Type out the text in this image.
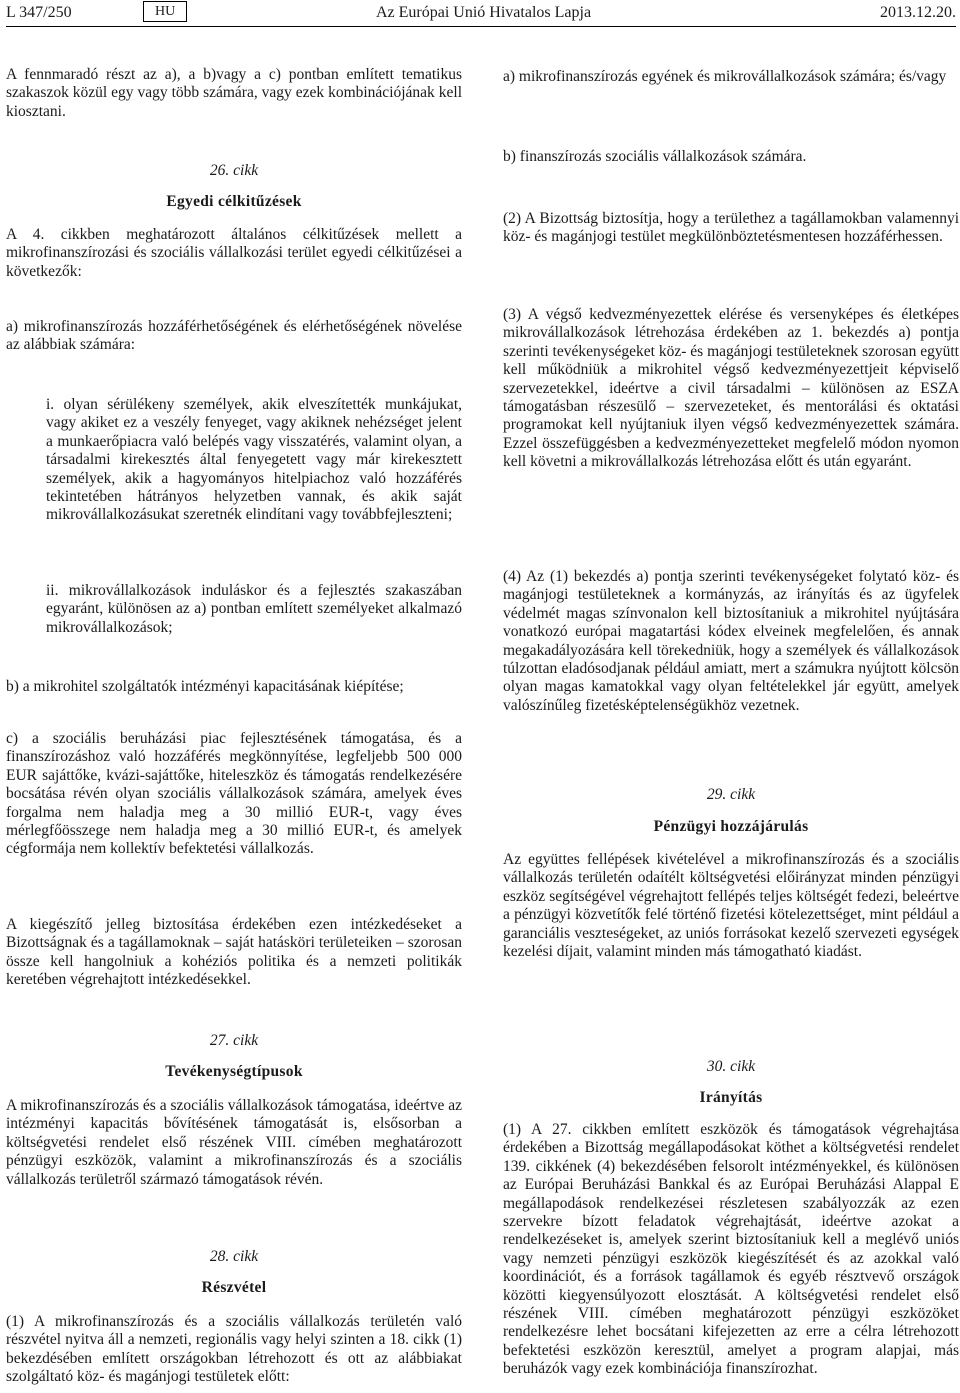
L 347/250	HU	Az Európai Unió Hivatalos Lapja	2013.12.20.

A fennmaradó részt az a), a b)vagy a c) pontban említett tematikus szakaszok közül egy vagy több számára, vagy ezek kombinációjának kell kiosztani.

26. cikk
Egyedi célkitűzések

A 4. cikkben meghatározott általános célkitűzések mellett a mikrofinanszírozási és szociális vállalkozási terület egyedi célkitűzései a következők:

a) mikrofinanszírozás hozzáférhetőségének és elérhetőségének növelése az alábbiak számára:

i. olyan sérülékeny személyek, akik elveszítették munkájukat, vagy akiket ez a veszély fenyeget, vagy akiknek nehézséget jelent a munkaerőpiacra való belépés vagy visszatérés, valamint olyan, a társadalmi kirekesztés által fenyegetett vagy már kirekesztett személyek, akik a hagyományos hitelpiachoz való hozzáférés tekintetében hátrányos helyzetben vannak, és akik saját mikrovállalkozásukat szeretnék elindítani vagy továbbfejleszteni;

ii. mikrovállalkozások induláskor és a fejlesztés szakaszában egyaránt, különösen az a) pontban említett személyeket alkalmazó mikrovállalkozások;

b) a mikrohitel szolgáltatók intézményi kapacitásának kiépítése;

c) a szociális beruházási piac fejlesztésének támogatása, és a finanszírozáshoz való hozzáférés megkönnyítése, legfeljebb 500 000 EUR sajáttőke, kvázi-sajáttőke, hiteleszköz és támogatás rendelkezésére bocsátása révén olyan szociális vállalkozások számára, amelyek éves forgalma nem haladja meg a 30 millió EUR-t, vagy éves mérlegfőösszege nem haladja meg a 30 millió EUR-t, és amelyek cégformája nem kollektív befektetési vállalkozás.

A kiegészítő jelleg biztosítása érdekében ezen intézkedéseket a Bizottságnak és a tagállamoknak – saját hatásköri területeiken – szorosan össze kell hangolniuk a kohéziós politika és a nemzeti politikák keretében végrehajtott intézkedésekkel.

27. cikk
Tevékenységtípusok

A mikrofinanszírozás és a szociális vállalkozások támogatása, ideértve az intézményi kapacitás bővítésének támogatását is, elsősorban a költségvetési rendelet első részének VIII. címében meghatározott pénzügyi eszközök, valamint a mikrofinanszírozás és a szociális vállalkozás területről származó támogatások révén.

28. cikk
Részvétel

(1) A mikrofinanszírozás és a szociális vállalkozás területén való részvétel nyitva áll a nemzeti, regionális vagy helyi szinten a 18. cikk (1) bekezdésében említett országokban létrehozott és ott az alábbiakat szolgáltató köz- és magánjogi testületek előtt:

a) mikrofinanszírozás egyének és mikrovállalkozások számára; és/vagy

b) finanszírozás szociális vállalkozások számára.

(2) A Bizottság biztosítja, hogy a területhez a tagállamokban valamennyi köz- és magánjogi testület megkülönböztetésmentesen hozzáférhessen.

(3) A végső kedvezményezettek elérése és versenyképes és életképes mikrovállalkozások létrehozása érdekében az 1. bekezdés a) pontja szerinti tevékenységeket köz- és magánjogi testületeknek szorosan együtt kell működniük a mikrohitel végső kedvezményezettjeit képviselő szervezetekkel, ideértve a civil társadalmi – különösen az ESZA támogatásban részesülő – szervezeteket, és mentorálási és oktatási programokat kell nyújtaniuk ilyen végső kedvezményezettek számára. Ezzel összefüggésben a kedvezményezetteket megfelelő módon nyomon kell követni a mikrovállalkozás létrehozása előtt és után egyaránt.

(4) Az (1) bekezdés a) pontja szerinti tevékenységeket folytató köz- és magánjogi testületeknek a kormányzás, az irányítás és az ügyfelek védelmét magas színvonalon kell biztosítaniuk a mikrohitel nyújtására vonatkozó európai magatartási kódex elveinek megfelelően, és annak megakadályozására kell törekedniük, hogy a személyek és vállalkozások túlzottan eladósodjanak például amiatt, mert a számukra nyújtott kölcsön olyan magas kamatokkal vagy olyan feltételekkel jár együtt, amelyek valószínűleg fizetésképtelenségükhöz vezetnek.

29. cikk
Pénzügyi hozzájárulás

Az együttes fellépések kivételével a mikrofinanszírozás és a szociális vállalkozás területén odaítélt költségvetési előirányzat minden pénzügyi eszköz segítségével végrehajtott fellépés teljes költségét fedezi, beleértve a pénzügyi közvetítők felé történő fizetési kötelezettséget, mint például a garanciális veszteségeket, az uniós forrásokat kezelő szervezeti egységek kezelési díjait, valamint minden más támogatható kiadást.

30. cikk
Irányítás

(1) A 27. cikkben említett eszközök és támogatások végrehajtása érdekében a Bizottság megállapodásokat köthet a költségvetési rendelet 139. cikkének (4) bekezdésében felsorolt intézményekkel, és különösen az Európai Beruházási Bankkal és az Európai Beruházási Alappal E megállapodások rendelkezései részletesen szabályozzák az ezen szervekre bízott feladatok végrehajtását, ideértve azokat a rendelkezéseket is, amelyek szerint biztosítaniuk kell a meglévő uniós vagy nemzeti pénzügyi eszközök kiegészítését és az azokkal való koordinációt, és a források tagállamok és egyéb résztvevő országok közötti kiegyensúlyozott elosztását. A költségvetési rendelet első részének VIII. címében meghatározott pénzügyi eszközöket rendelkezésre lehet bocsátani kifejezetten az erre a célra létrehozott befektetési eszközön keresztül, amelyet a program alapjai, más beruházók vagy ezek kombinációja finanszírozhat.
